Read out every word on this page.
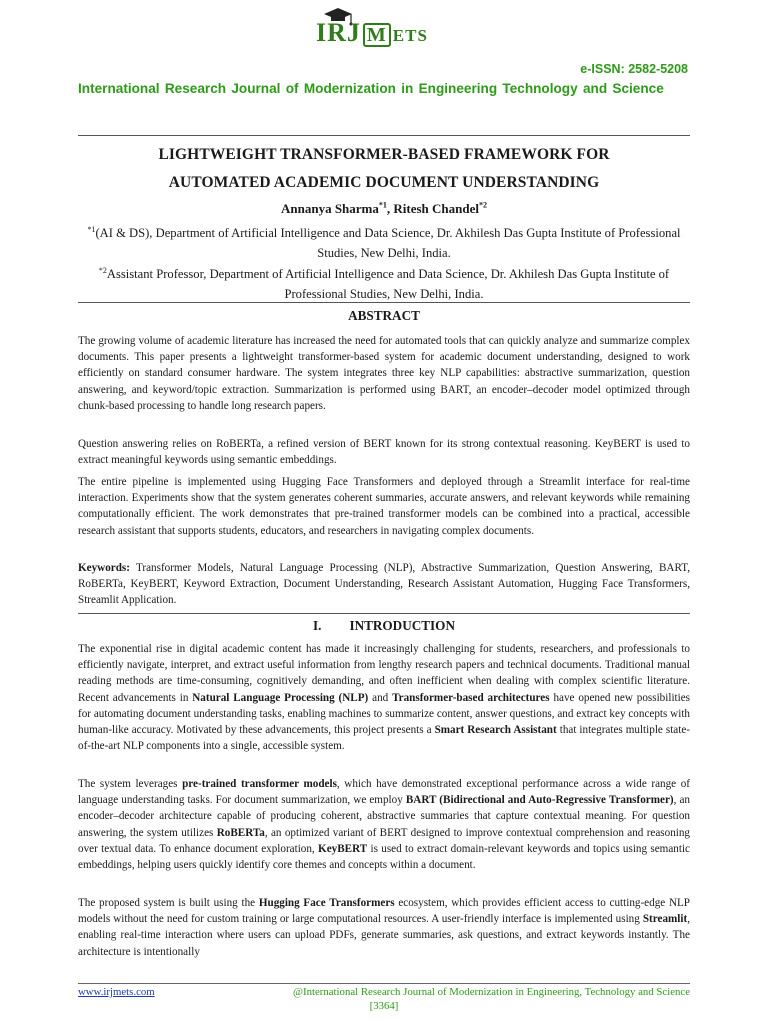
IRJ M ETS
e-ISSN: 2582-5208
International Research Journal of Modernization in Engineering Technology and Science
LIGHTWEIGHT TRANSFORMER-BASED FRAMEWORK FOR
AUTOMATED ACADEMIC DOCUMENT UNDERSTANDING
Annanya Sharma$^{*1}$, Ritesh Chandel$^{*2}$
$^{*1}$(AI & DS), Department of Artificial Intelligence and Data Science, Dr. Akhilesh Das Gupta Institute of Professional Studies, New Delhi, India.
$^{*2}$Assistant Professor, Department of Artificial Intelligence and Data Science, Dr. Akhilesh Das Gupta Institute of Professional Studies, New Delhi, India.
ABSTRACT

The growing volume of academic literature has increased the need for automated tools that can quickly analyze and summarize complex documents. This paper presents a lightweight transformer-based system for academic document understanding, designed to work efficiently on standard consumer hardware. The system integrates three key NLP capabilities: abstractive summarization, question answering, and keyword/topic extraction. Summarization is performed using BART, an encoder–decoder model optimized through chunk-based processing to handle long research papers.

Question answering relies on RoBERTa, a refined version of BERT known for its strong contextual reasoning. KeyBERT is used to extract meaningful keywords using semantic embeddings.

The entire pipeline is implemented using Hugging Face Transformers and deployed through a Streamlit interface for real-time interaction. Experiments show that the system generates coherent summaries, accurate answers, and relevant keywords while remaining computationally efficient. The work demonstrates that pre-trained transformer models can be combined into a practical, accessible research assistant that supports students, educators, and researchers in navigating complex documents.

Keywords: Transformer Models, Natural Language Processing (NLP), Abstractive Summarization, Question Answering, BART, RoBERTa, KeyBERT, Keyword Extraction, Document Understanding, Research Assistant Automation, Hugging Face Transformers, Streamlit Application.

I. INTRODUCTION

The exponential rise in digital academic content has made it increasingly challenging for students, researchers, and professionals to efficiently navigate, interpret, and extract useful information from lengthy research papers and technical documents. Traditional manual reading methods are time-consuming, cognitively demanding, and often inefficient when dealing with complex scientific literature. Recent advancements in Natural Language Processing (NLP) and Transformer-based architectures have opened new possibilities for automating document understanding tasks, enabling machines to summarize content, answer questions, and extract key concepts with human-like accuracy. Motivated by these advancements, this project presents a Smart Research Assistant that integrates multiple state-of-the-art NLP components into a single, accessible system.

The system leverages pre-trained transformer models, which have demonstrated exceptional performance across a wide range of language understanding tasks. For document summarization, we employ BART (Bidirectional and Auto-Regressive Transformer), an encoder–decoder architecture capable of producing coherent, abstractive summaries that capture contextual meaning. For question answering, the system utilizes RoBERTa, an optimized variant of BERT designed to improve contextual comprehension and reasoning over textual data. To enhance document exploration, KeyBERT is used to extract domain-relevant keywords and topics using semantic embeddings, helping users quickly identify core themes and concepts within a document.

The proposed system is built using the Hugging Face Transformers ecosystem, which provides efficient access to cutting-edge NLP models without the need for custom training or large computational resources. A user-friendly interface is implemented using Streamlit, enabling real-time interaction where users can upload PDFs, generate summaries, ask questions, and extract keywords instantly. The architecture is intentionally

www.irjmets.com	@International Research Journal of Modernization in Engineering, Technology and Science
[3364]
